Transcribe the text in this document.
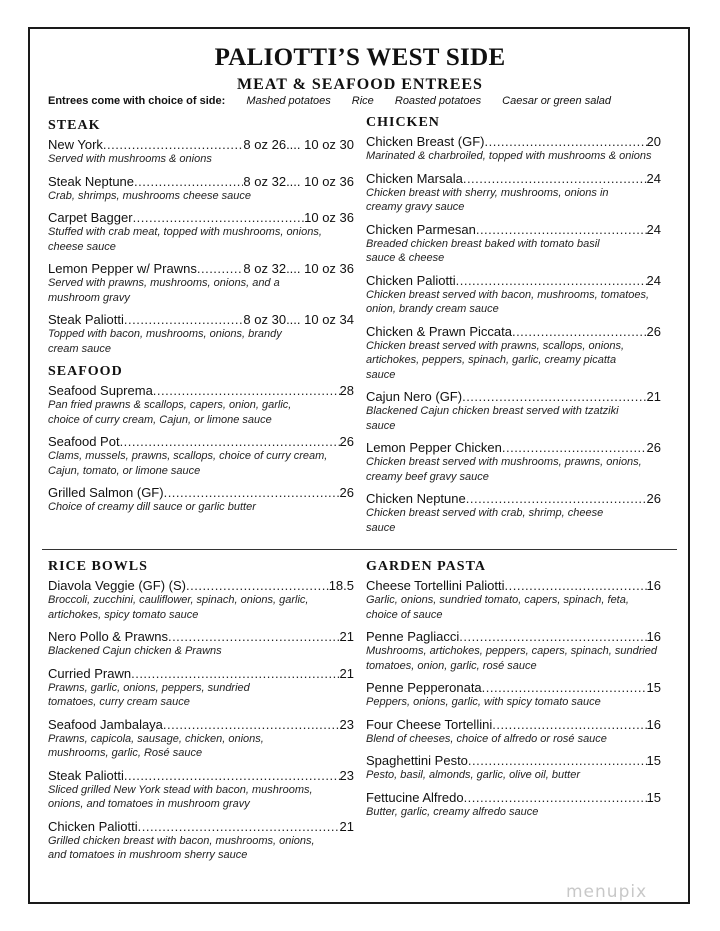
PALIOTTI’S WEST SIDE
MEAT & SEAFOOD ENTREES
Entrees come with choice of side: Mashed potatoes Rice Roasted potatoes Caesar or green salad
STEAK
New York .....	8 oz 26.... 10 oz 30
Served with mushrooms & onions
Steak Neptune .....	8 oz 32.... 10 oz 36
Crab, shrimps, mushrooms cheese sauce
Carpet Bagger .....	10 oz 36
Stuffed with crab meat, topped with mushrooms, onions, cheese sauce
Lemon Pepper w/ Prawns .....	8 oz 32.... 10 oz 36
Served with prawns, mushrooms, onions, and a mushroom gravy
Steak Paliotti .....	8 oz 30.... 10 oz 34
Topped with bacon, mushrooms, onions, brandy cream sauce
SEAFOOD
Seafood Suprema .....	28
Pan fried prawns & scallops, capers, onion, garlic, choice of curry cream, Cajun, or limone sauce
Seafood Pot .....	26
Clams, mussels, prawns, scallops, choice of curry cream, Cajun, tomato, or limone sauce
Grilled Salmon (GF) .....	26
Choice of creamy dill sauce or garlic butter
CHICKEN
Chicken Breast (GF) .....	20
Marinated & charbroiled, topped with mushrooms & onions
Chicken Marsala .....	24
Chicken breast with sherry, mushrooms, onions in creamy gravy sauce
Chicken Parmesan .....	24
Breaded chicken breast baked with tomato basil sauce & cheese
Chicken Paliotti .....	24
Chicken breast served with bacon, mushrooms, tomatoes, onion, brandy cream sauce
Chicken & Prawn Piccata .....	26
Chicken breast served with prawns, scallops, onions, artichokes, peppers, spinach, garlic, creamy picatta sauce
Cajun Nero (GF) .....	21
Blackened Cajun chicken breast served with tzatziki sauce
Lemon Pepper Chicken .....	26
Chicken breast served with mushrooms, prawns, onions, creamy beef gravy sauce
Chicken Neptune .....	26
Chicken breast served with crab, shrimp, cheese sauce
RICE BOWLS
Diavola Veggie (GF) (S) .....	18.5
Broccoli, zucchini, cauliflower, spinach, onions, garlic, artichokes, spicy tomato sauce
Nero Pollo & Prawns .....	21
Blackened Cajun chicken & Prawns
Curried Prawn .....	21
Prawns, garlic, onions, peppers, sundried tomatoes, curry cream sauce
Seafood Jambalaya .....	23
Prawns, capicola, sausage, chicken, onions, mushrooms, garlic, Rosé sauce
Steak Paliotti .....	23
Sliced grilled New York stead with bacon, mushrooms, onions, and tomatoes in mushroom gravy
Chicken Paliotti .....	21
Grilled chicken breast with bacon, mushrooms, onions, and tomatoes in mushroom sherry sauce
GARDEN PASTA
Cheese Tortellini Paliotti .....	16
Garlic, onions, sundried tomato, capers, spinach, feta, choice of sauce
Penne Pagliacci .....	16
Mushrooms, artichokes, peppers, capers, spinach, sundried tomatoes, onion, garlic, rosé sauce
Penne Pepperonata .....	15
Peppers, onions, garlic, with spicy tomato sauce
Four Cheese Tortellini .....	16
Blend of cheeses, choice of alfredo or rosé sauce
Spaghettini Pesto .....	15
Pesto, basil, almonds, garlic, olive oil, butter
Fettucine Alfredo .....	15
Butter, garlic, creamy alfredo sauce
menupix
